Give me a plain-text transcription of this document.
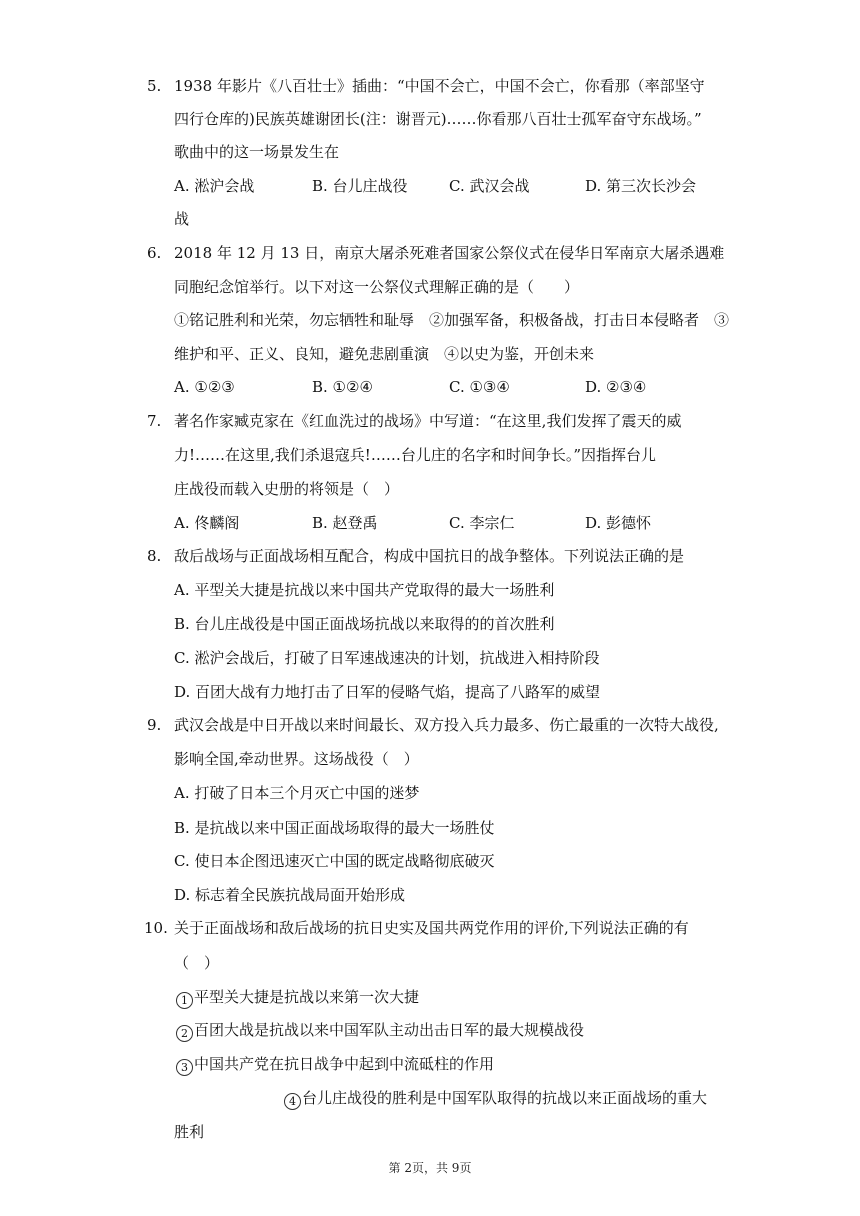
5. 1938 年影片《八百壮士》插曲：“中国不会亡，中国不会亡，你看那（率部坚守
四行仓库的)民族英雄谢团长(注：谢晋元)……你看那八百壮士孤军奋守东战场。”
歌曲中的这一场景发生在
A. 淞沪会战	B. 台儿庄战役	C. 武汉会战	D. 第三次长沙会
战
6. 2018 年 12 月 13 日，南京大屠杀死难者国家公祭仪式在侵华日军南京大屠杀遇难
同胞纪念馆举行。以下对这一公祭仪式理解正确的是（　　）
①铭记胜利和光荣，勿忘牺牲和耻辱　②加强军备，积极备战，打击日本侵略者　③
维护和平、正义、良知，避免悲剧重演　④以史为鉴，开创未来
A. ①②③	B. ①②④	C. ①③④	D. ②③④
7. 著名作家臧克家在《红血洗过的战场》中写道：“在这里,我们发挥了震天的威
力!‥‥‥在这里,我们杀退寇兵!‥‥‥台儿庄的名字和时间争长。”因指挥台儿
庄战役而载入史册的将领是（　）
A. 佟麟阁	B. 赵登禹	C. 李宗仁	D. 彭德怀
8. 敌后战场与正面战场相互配合，构成中国抗日的战争整体。下列说法正确的是
A. 平型关大捷是抗战以来中国共产党取得的最大一场胜利
B. 台儿庄战役是中国正面战场抗战以来取得的的首次胜利
C. 淞沪会战后，打破了日军速战速决的计划，抗战进入相持阶段
D. 百团大战有力地打击了日军的侵略气焰，提高了八路军的威望
9. 武汉会战是中日开战以来时间最长、双方投入兵力最多、伤亡最重的一次特大战役,
影响全国,牵动世界。这场战役（　）
A. 打破了日本三个月灭亡中国的迷梦
B. 是抗战以来中国正面战场取得的最大一场胜仗
C. 使日本企图迅速灭亡中国的既定战略彻底破灭
D. 标志着全民族抗战局面开始形成
10. 关于正面战场和敌后战场的抗日史实及国共两党作用的评价,下列说法正确的有
（　）
1 平型关大捷是抗战以来第一次大捷
2 百团大战是抗战以来中国军队主动出击日军的最大规模战役
3 中国共产党在抗日战争中起到中流砥柱的作用
4 台儿庄战役的胜利是中国军队取得的抗战以来正面战场的重大
胜利
第 2页，共 9页
